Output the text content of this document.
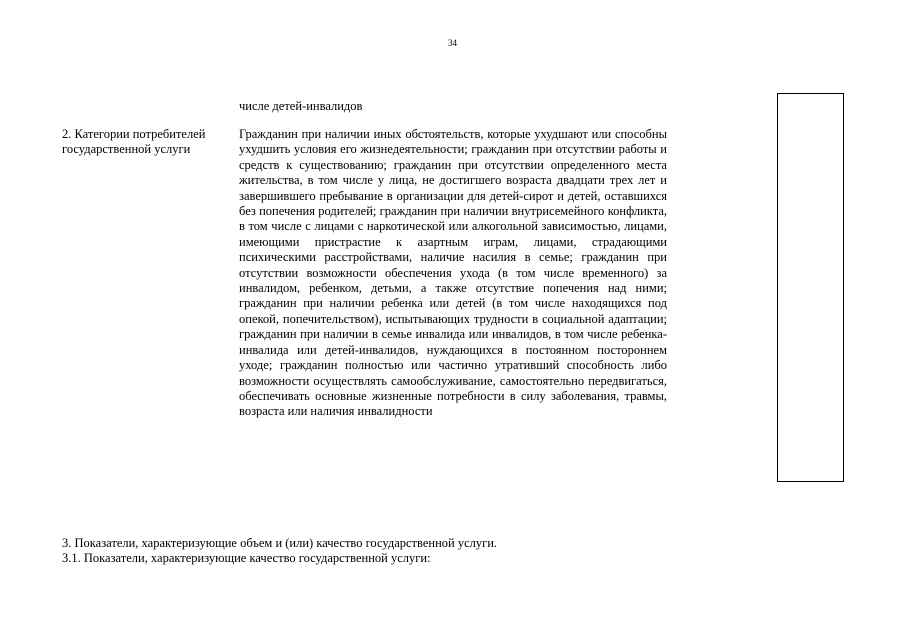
34
числе детей-инвалидов
2. Категории потребителей государственной услуги
Гражданин при наличии иных обстоятельств, которые ухудшают или способны ухудшить условия его жизнедеятельности; гражданин при отсутствии работы и средств к существованию; гражданин при отсутствии определенного места жительства, в том числе у лица, не достигшего возраста двадцати трех лет и завершившего пребывание в организации для детей-сирот и детей, оставшихся без попечения родителей; гражданин при наличии внутрисемейного конфликта, в том числе с лицами с наркотической или алкогольной зависимостью, лицами, имеющими пристрастие к азартным играм, лицами, страдающими психическими расстройствами, наличие насилия в семье; гражданин при отсутствии возможности обеспечения ухода (в том числе временного) за инвалидом, ребенком, детьми, а также отсутствие попечения над ними; гражданин при наличии ребенка или детей (в том числе находящихся под опекой, попечительством), испытывающих трудности в социальной адаптации; гражданин при наличии в семье инвалида или инвалидов, в том числе ребенка-инвалида или детей-инвалидов, нуждающихся в постоянном постороннем уходе; гражданин полностью или частично утративший способность либо возможности осуществлять самообслуживание, самостоятельно передвигаться, обеспечивать основные жизненные потребности в силу заболевания, травмы, возраста или наличия инвалидности
3. Показатели, характеризующие объем и (или) качество государственной услуги.
3.1. Показатели, характеризующие качество государственной услуги:
